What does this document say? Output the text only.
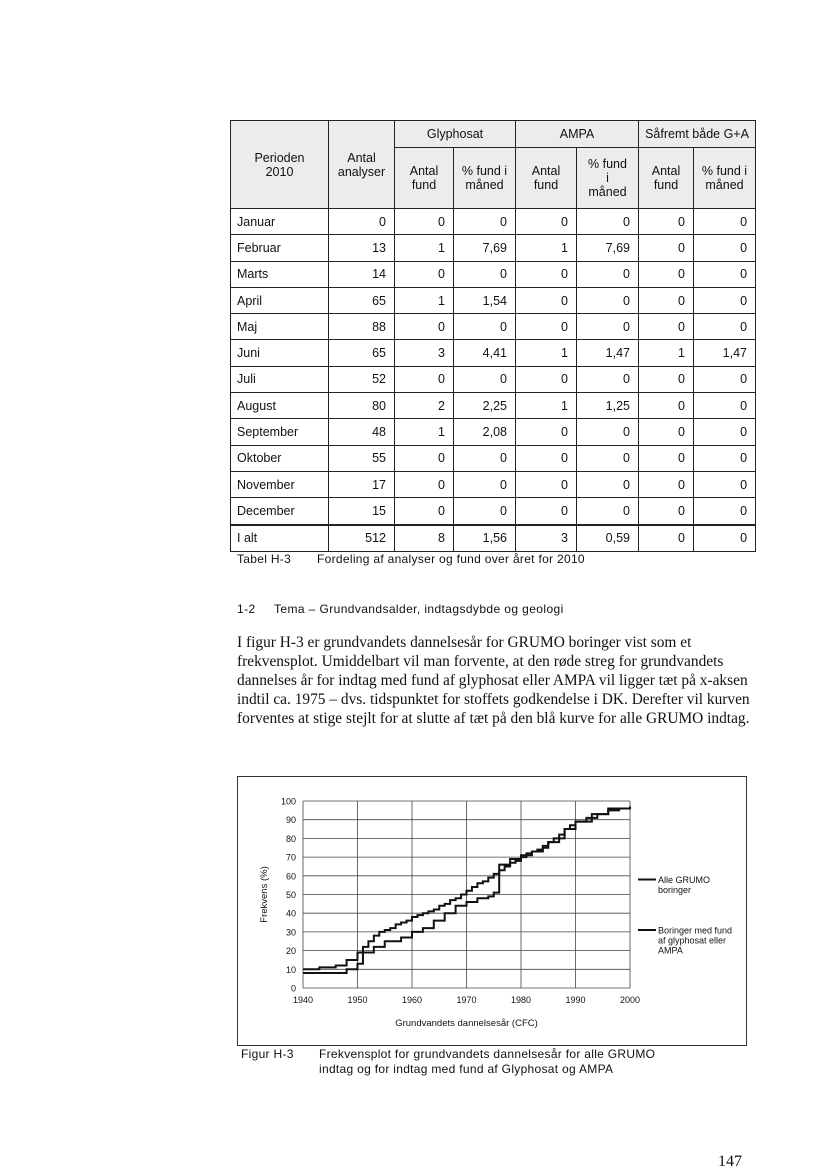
Perioden 2010	Antal analyser	Glyphosat		AMPA		Såfremt både G+A	
		Antal fund	% fund i måned	Antal fund	% fund i måned	Antal fund	% fund i måned
Januar	0	0	0	0	0	0	0
Februar	13	1	7,69	1	7,69	0	0
Marts	14	0	0	0	0	0	0
April	65	1	1,54	0	0	0	0
Maj	88	0	0	0	0	0	0
Juni	65	3	4,41	1	1,47	1	1,47
Juli	52	0	0	0	0	0	0
August	80	2	2,25	1	1,25	0	0
September	48	1	2,08	0	0	0	0
Oktober	55	0	0	0	0	0	0
November	17	0	0	0	0	0	0
December	15	0	0	0	0	0	0
I alt	512	8	1,56	3	0,59	0	0
Tabel H-3 Fordeling af analyser og fund over året for 2010
1-2 Tema – Grundvandsalder, indtagsdybde og geologi

I figur H-3 er grundvandets dannelsesår for GRUMO boringer vist som et frekvensplot. Umiddelbart vil man forvente, at den røde streg for grundvandets dannelses år for indtag med fund af glyphosat eller AMPA vil ligger tæt på x-aksen indtil ca. 1975 – dvs. tidspunktet for stoffets godkendelse i DK. Derefter vil kurven forventes at stige stejlt for at slutte af tæt på den blå kurve for alle GRUMO indtag.

0
10
20
30
40
50
60
70
80
90
100
1940	1950	1960	1970	1980	1990	2000
Grundvandets dannelsesår (CFC)
Frekvens (%)	Alle GRUMO boringer
Boringer med fund af glyphosat eller AMPA
Figur H-3 Frekvensplot for grundvandets dannelsesår for alle GRUMO
indtag og for indtag med fund af Glyphosat og AMPA
147
